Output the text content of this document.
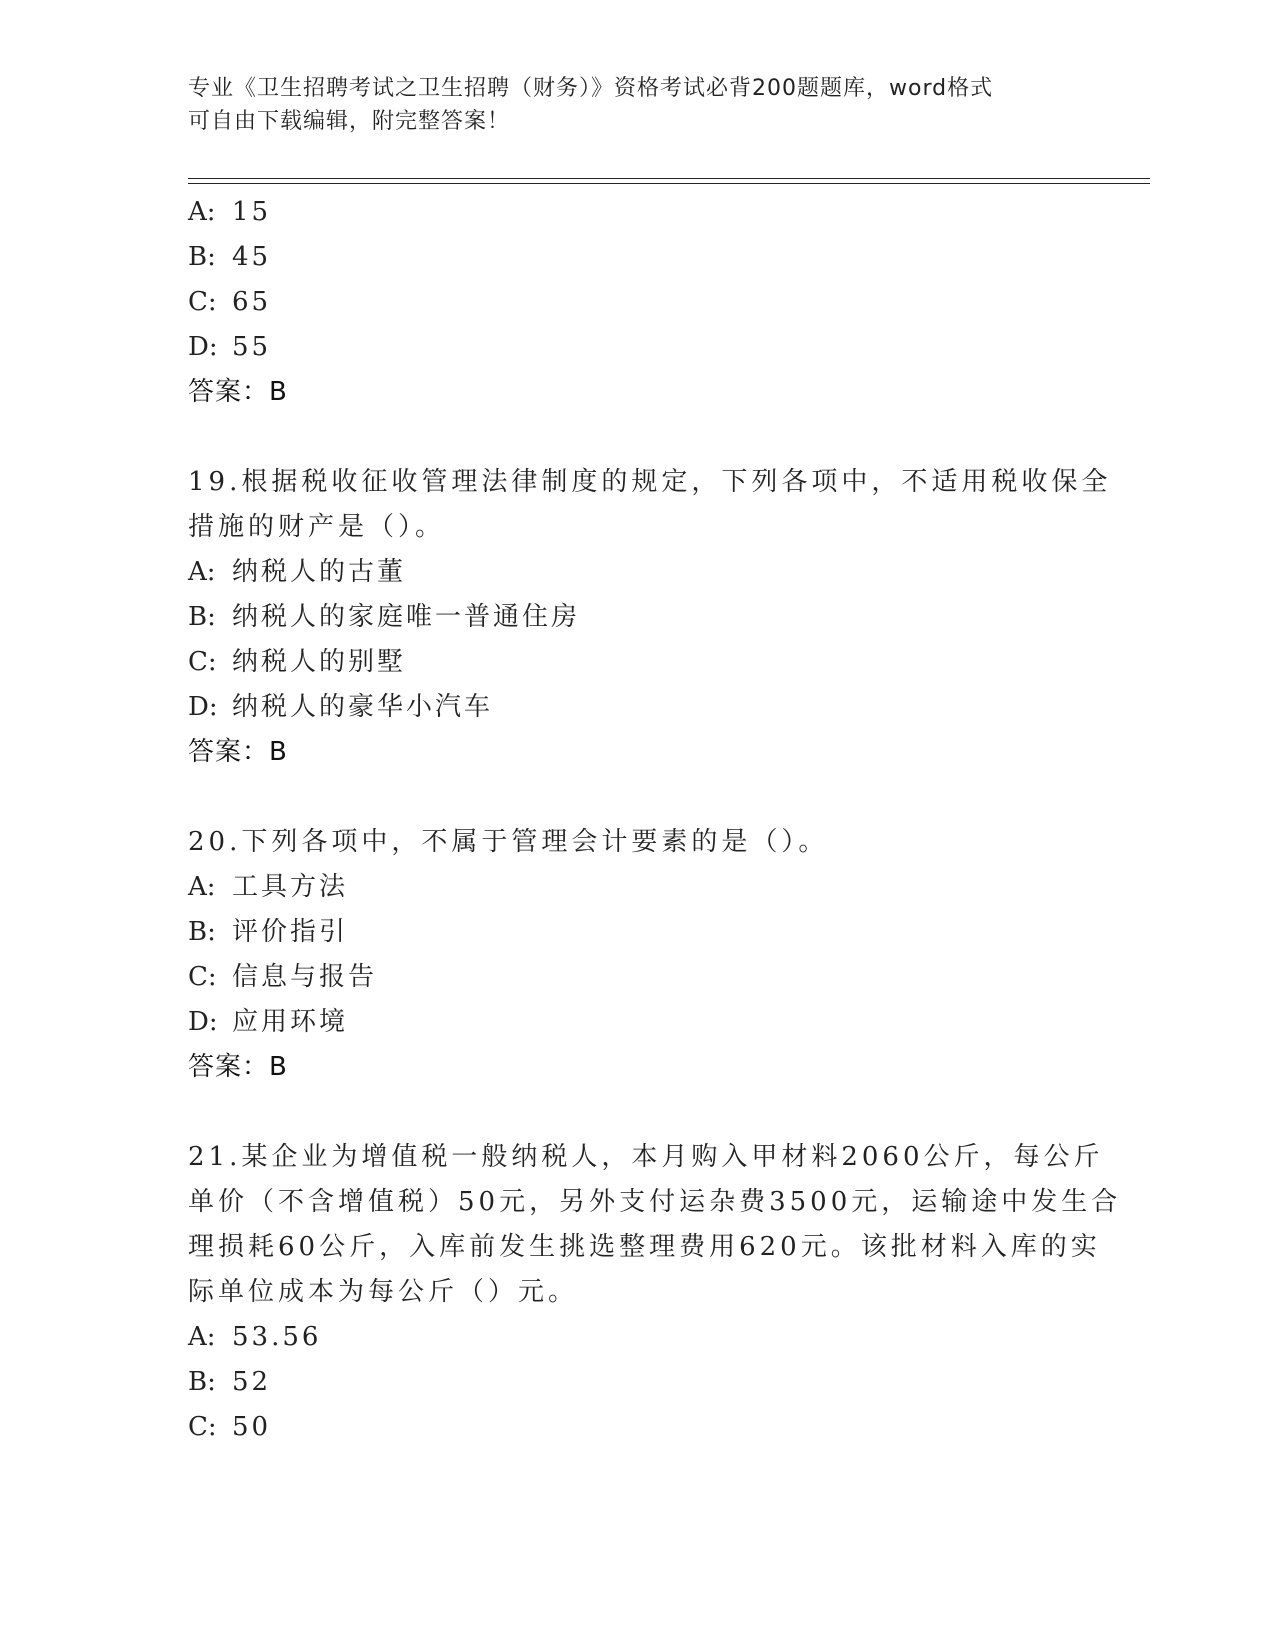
专业《卫生招聘考试之卫生招聘（财务）》资格考试必背200题题库，word格式
可自由下载编辑，附完整答案！
A: 15
B: 45
C: 65
D: 55
答案：B
19.根据税收征收管理法律制度的规定，下列各项中，不适用税收保全
措施的财产是（）。
A: 纳税人的古董
B: 纳税人的家庭唯一普通住房
C: 纳税人的别墅
D: 纳税人的豪华小汽车
答案：B
20.下列各项中，不属于管理会计要素的是（）。
A: 工具方法
B: 评价指引
C: 信息与报告
D: 应用环境
答案：B
21.某企业为增值税一般纳税人，本月购入甲材料2060公斤，每公斤
单价（不含增值税）50元，另外支付运杂费3500元，运输途中发生合
理损耗60公斤，入库前发生挑选整理费用620元。该批材料入库的实
际单位成本为每公斤（）元。
A: 53.56
B: 52
C: 50
